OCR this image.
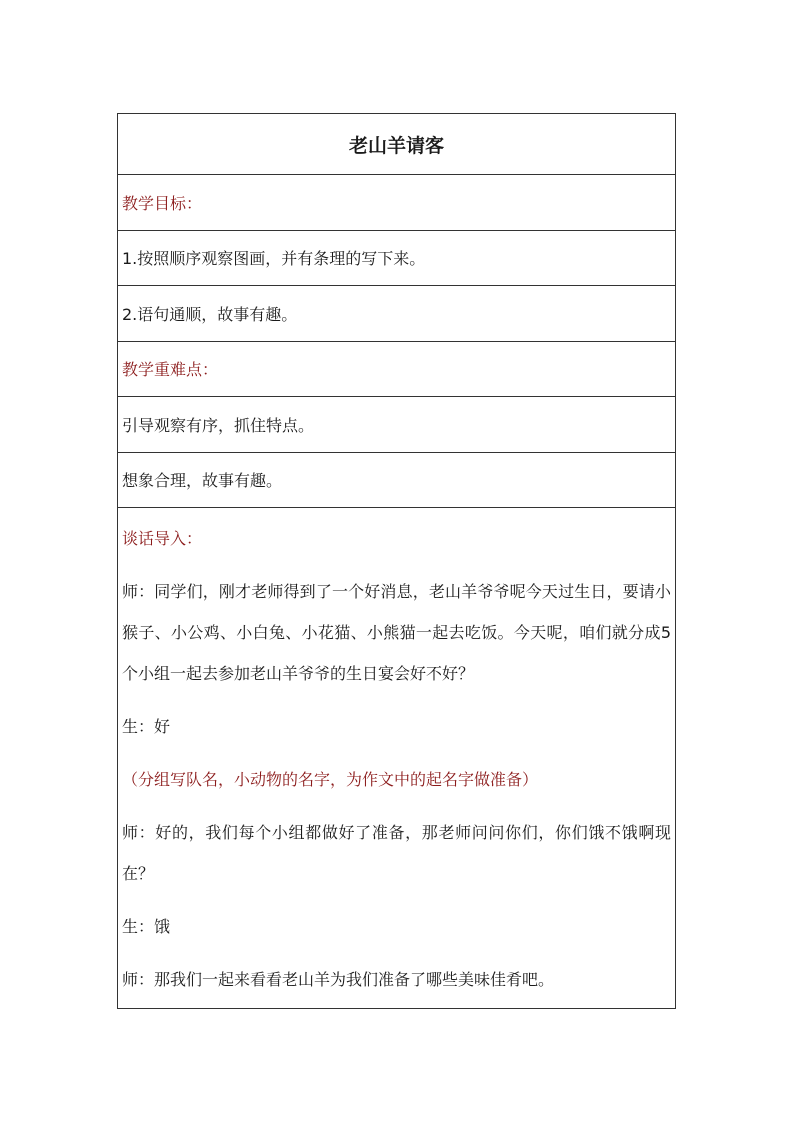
老山羊请客
教学目标：
1.按照顺序观察图画，并有条理的写下来。
2.语句通顺，故事有趣。
教学重难点：
引导观察有序，抓住特点。
想象合理，故事有趣。

谈话导入：

师：同学们，刚才老师得到了一个好消息，老山羊爷爷呢今天过生日，要请小猴子、小公鸡、小白兔、小花猫、小熊猫一起去吃饭。今天呢，咱们就分成5个小组一起去参加老山羊爷爷的生日宴会好不好？

生：好

（分组写队名，小动物的名字，为作文中的起名字做准备）

师：好的，我们每个小组都做好了准备，那老师问问你们，你们饿不饿啊现在？

生：饿

师：那我们一起来看看老山羊为我们准备了哪些美味佳肴吧。
